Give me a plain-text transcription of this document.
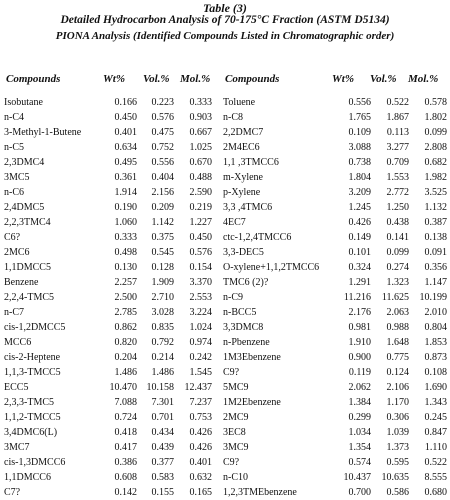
Table (3)
Detailed Hydrocarbon Analysis of 70-175°C Fraction (ASTM D5134)
PIONA Analysis (Identified Compounds Listed in Chromatographic order)
Compounds	Wt% Vol.% Mol.% Compounds	Wt% Vol.% Mol.%
Isobutane	0.166	0.223	0.333
n-C4	0.450	0.576	0.903
3-Methyl-1-Butene	0.401	0.475	0.667
n-C5	0.634	0.752	1.025
2,3DMC4	0.495	0.556	0.670
3MC5	0.361	0.404	0.488
n-C6	1.914	2.156	2.590
2,4DMC5	0.190	0.209	0.219
2,2,3TMC4	1.060	1.142	1.227
C6?	0.333	0.375	0.450
2MC6	0.498	0.545	0.576
1,1DMCC5	0.130	0.128	0.154
Benzene	2.257	1.909	3.370
2,2,4-TMC5	2.500	2.710	2.553
n-C7	2.785	3.028	3.224
cis-1,2DMCC5	0.862	0.835	1.024
MCC6	0.820	0.792	0.974
cis-2-Heptene	0.204	0.214	0.242
1,1,3-TMCC5	1.486	1.486	1.545
ECC5	10.470	10.158	12.437
2,3,3-TMC5	7.088	7.301	7.237
1,1,2-TMCC5	0.724	0.701	0.753
3,4DMC6(L)	0.418	0.434	0.426
3MC7	0.417	0.439	0.426
cis-1,3DMCC6	0.386	0.377	0.401
1,1DMCC6	0.608	0.583	0.632
C7?	0.142	0.155	0.165
Toluene	0.556	0.522	0.578
n-C8	1.765	1.867	1.802
2,2DMC7	0.109	0.113	0.099
2M4EC6	3.088	3.277	2.808
1,1 ,3TMCC6	0.738	0.709	0.682
m-Xylene	1.804	1.553	1.982
p-Xylene	3.209	2.772	3.525
3,3 ,4TMC6	1.245	1.250	1.132
4EC7	0.426	0.438	0.387
ctc-1,2,4TMCC6	0.149	0.141	0.138
3,3-DEC5	0.101	0.099	0.091
O-xylene+1,1,2TMCC6	0.324	0.274	0.356
TMC6 (2)?	1.291	1.323	1.147
n-C9	11.216	11.625	10.199
n-BCC5	2.176	2.063	2.010
3,3DMC8	0.981	0.988	0.804
n-Pbenzene	1.910	1.648	1.853
1M3Ebenzene	0.900	0.775	0.873
C9?	0.119	0.124	0.108
5MC9	2.062	2.106	1.690
1M2Ebenzene	1.384	1.170	1.343
2MC9	0.299	0.306	0.245
3EC8	1.034	1.039	0.847
3MC9	1.354	1.373	1.110
C9?	0.574	0.595	0.522
n-C10	10.437	10.635	8.555
1,2,3TMEbenzene	0.700	0.586	0.680
